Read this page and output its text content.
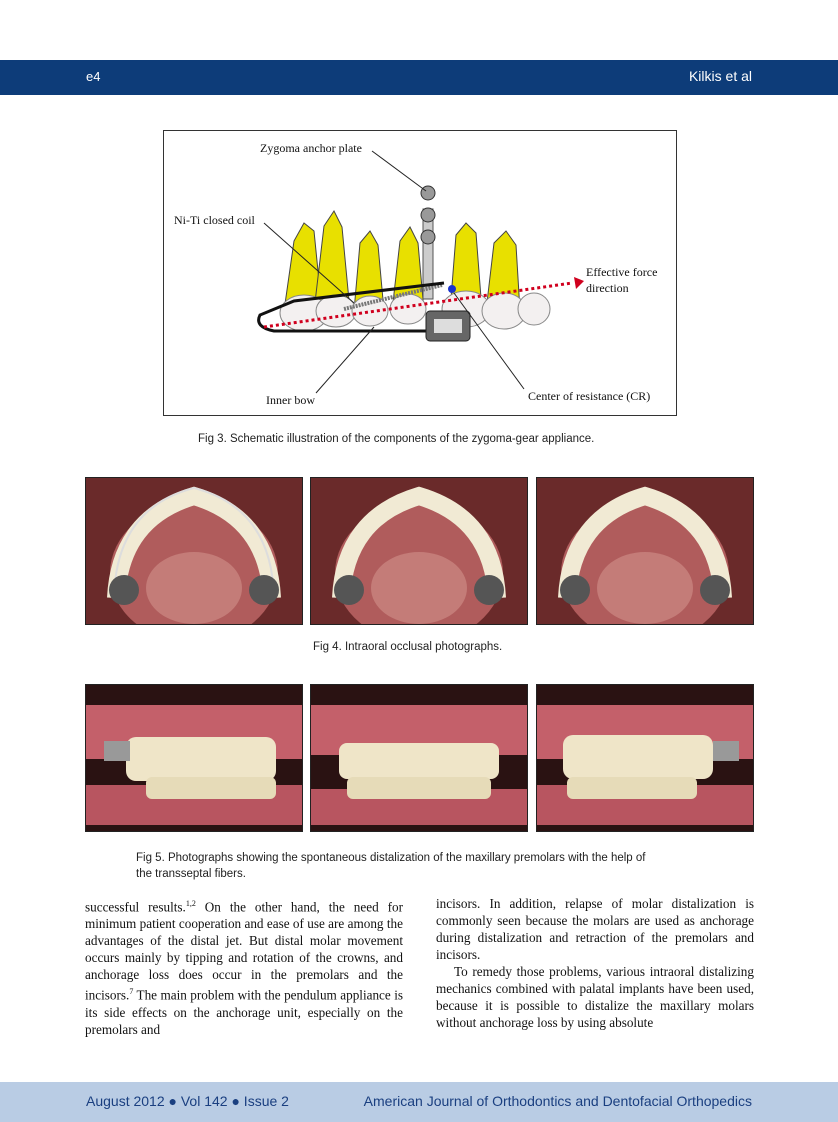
e4	Kilkis et al
Zygoma anchor plate
Ni-Ti closed coil
Effective force
direction
Inner bow	Center of resistance (CR)
Fig 3. Schematic illustration of the components of the zygoma-gear appliance.
Fig 4. Intraoral occlusal photographs.
Fig 5. Photographs showing the spontaneous distalization of the maxillary premolars with the help of
the transseptal fibers.

successful results.$^{1,2}$ On the other hand, the need for minimum patient cooperation and ease of use are among the advantages of the distal jet. But distal molar movement occurs mainly by tipping and rotation of the crowns, and anchorage loss does occur in the premolars and the incisors.$^7$ The main problem with the pendulum appliance is its side effects on the anchorage unit, especially on the premolars and

incisors. In addition, relapse of molar distalization is commonly seen because the molars are used as anchorage during distalization and retraction of the premolars and incisors.

To remedy those problems, various intraoral distalizing mechanics combined with palatal implants have been used, because it is possible to distalize the maxillary molars without anchorage loss by using absolute

August 2012 ● Vol 142 ● Issue 2	American Journal of Orthodontics and Dentofacial Orthopedics
